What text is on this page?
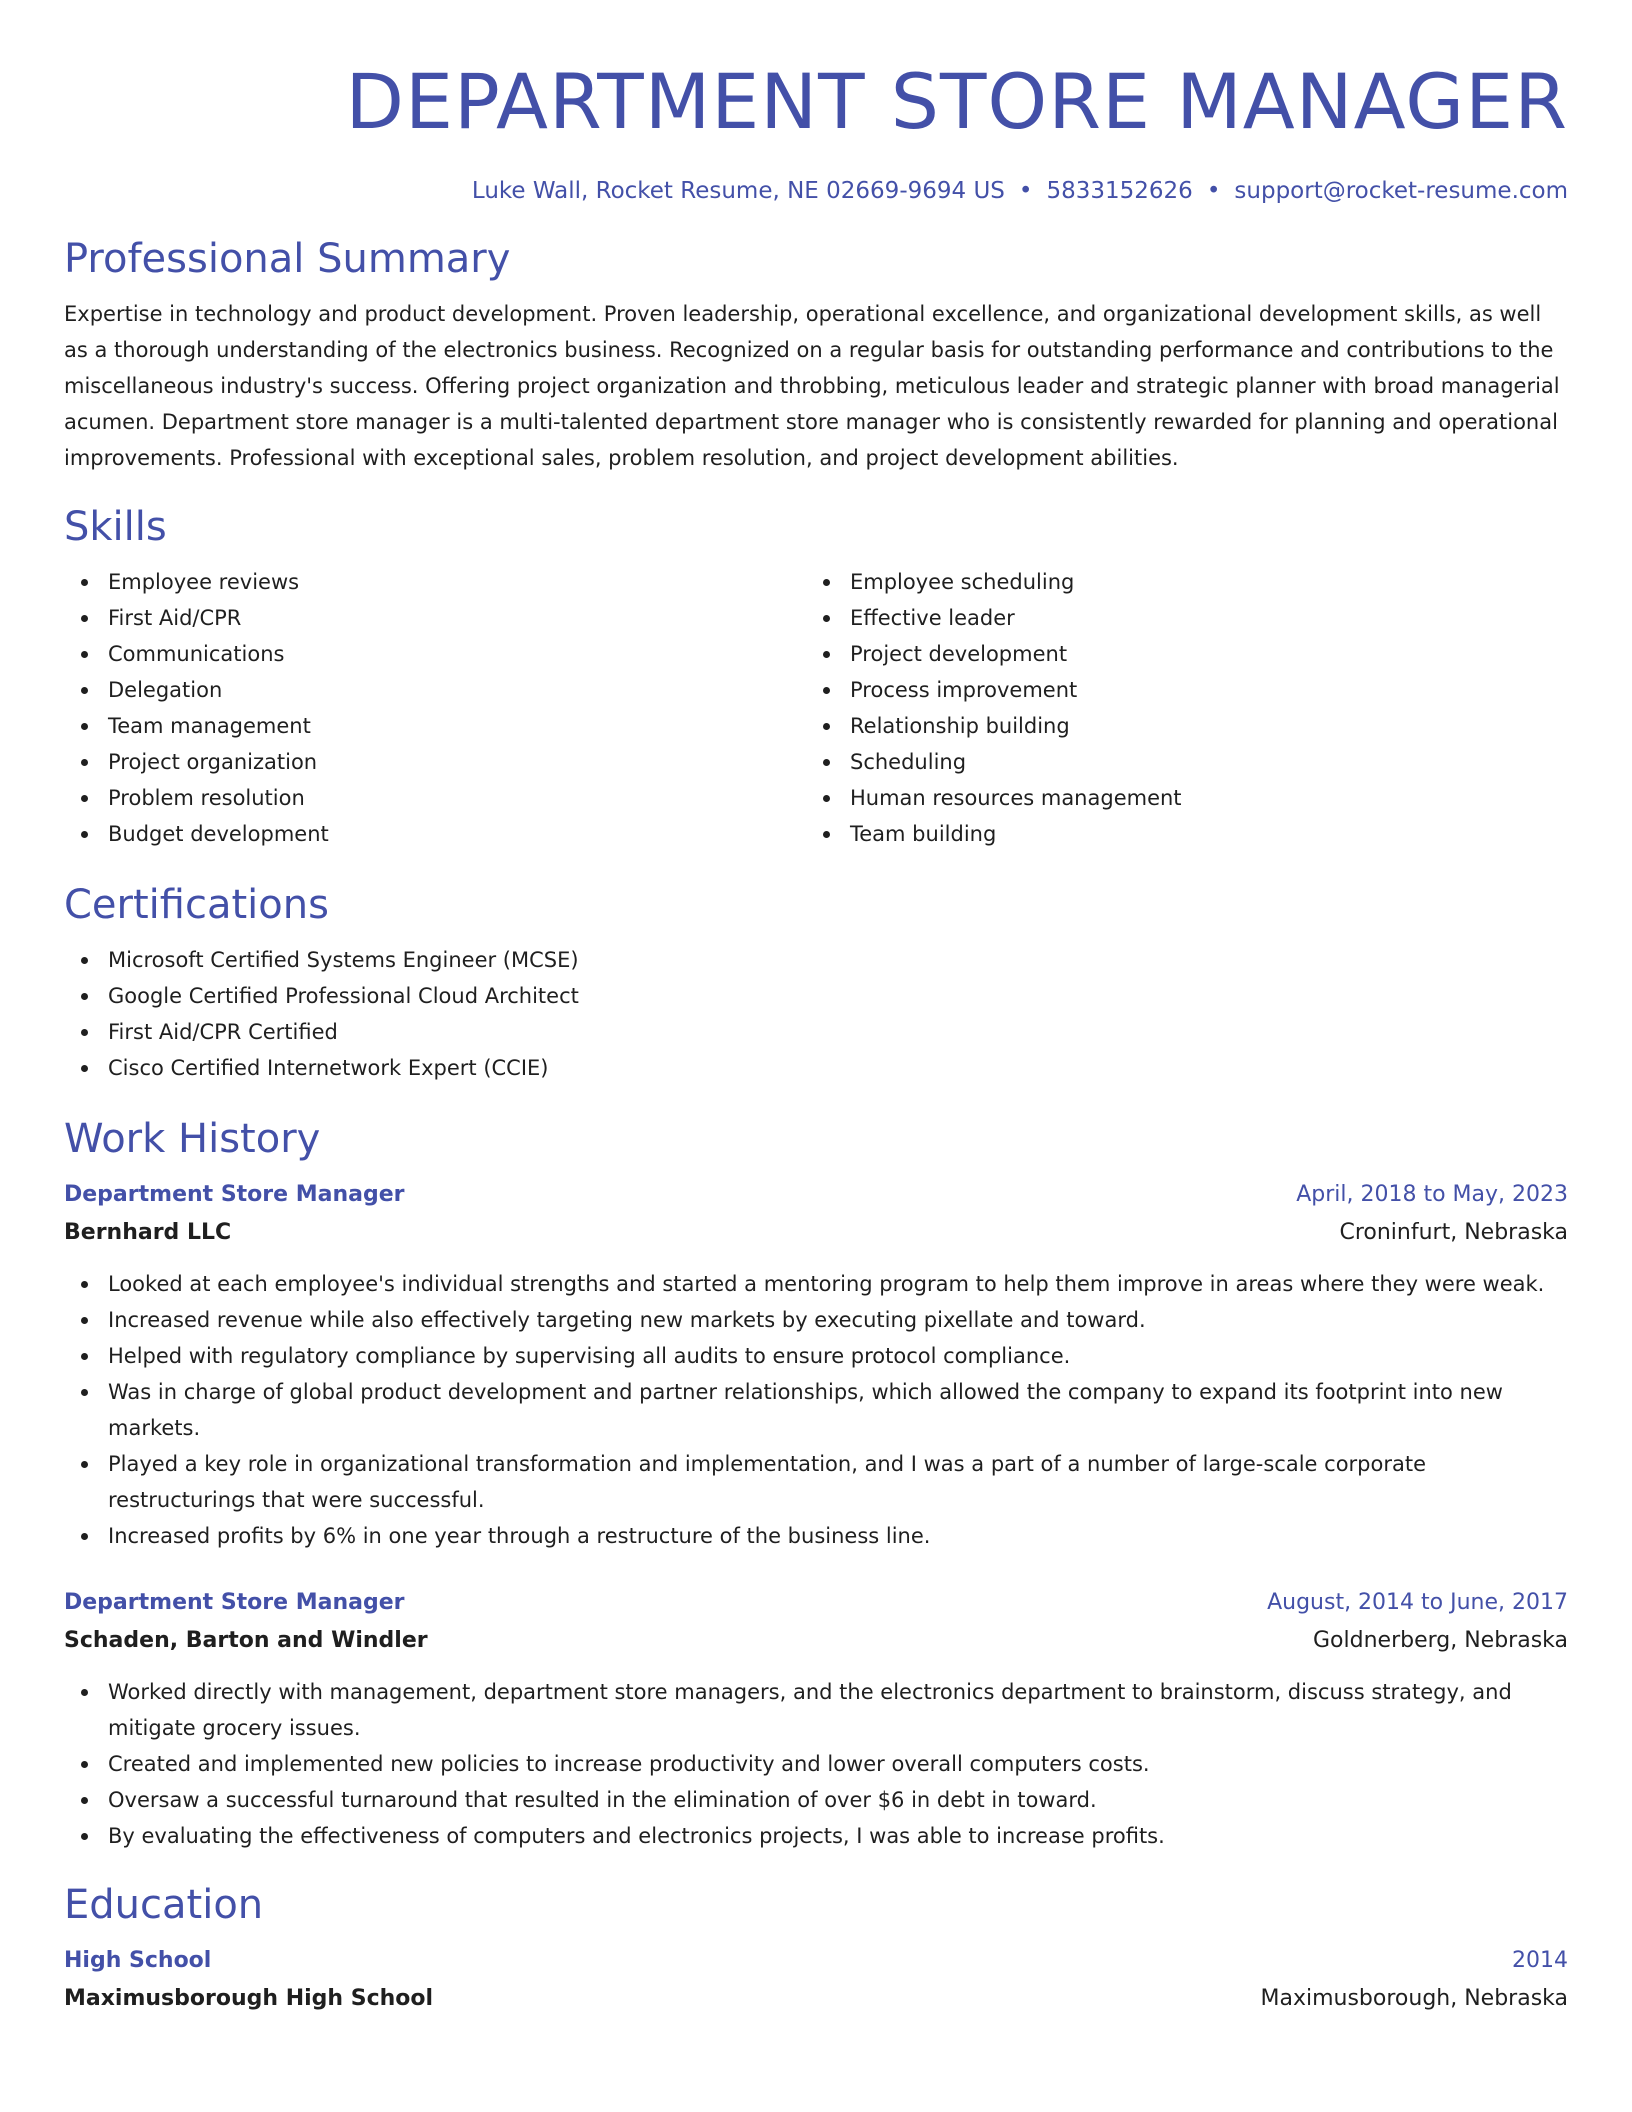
DEPARTMENT STORE MANAGER
Luke Wall, Rocket Resume, NE 02669-9694 US • 5833152626 • support@rocket-resume.com
Professional Summary

Expertise in technology and product development. Proven leadership, operational excellence, and organizational development skills, as well as a thorough understanding of the electronics business. Recognized on a regular basis for outstanding performance and contributions to the miscellaneous industry's success. Offering project organization and throbbing, meticulous leader and strategic planner with broad managerial acumen. Department store manager is a multi-talented department store manager who is consistently rewarded for planning and operational improvements. Professional with exceptional sales, problem resolution, and project development abilities.

Skills
Employee reviews
First Aid/CPR
Communications
Delegation
Team management
Project organization
Problem resolution
Budget development
Employee scheduling
Effective leader
Project development
Process improvement
Relationship building
Scheduling
Human resources management
Team building
Certifications
Microsoft Certified Systems Engineer (MCSE)
Google Certified Professional Cloud Architect
First Aid/CPR Certified
Cisco Certified Internetwork Expert (CCIE)
Work History
Department Store Manager	April, 2018 to May, 2023
Bernhard LLC	Croninfurt, Nebraska
Looked at each employee's individual strengths and started a mentoring program to help them improve in areas where they were weak.
Increased revenue while also effectively targeting new markets by executing pixellate and toward.
Helped with regulatory compliance by supervising all audits to ensure protocol compliance.
Was in charge of global product development and partner relationships, which allowed the company to expand its footprint into new markets.
Played a key role in organizational transformation and implementation, and I was a part of a number of large-scale corporate restructurings that were successful.
Increased profits by 6% in one year through a restructure of the business line.
Department Store Manager	August, 2014 to June, 2017
Schaden, Barton and Windler	Goldnerberg, Nebraska
Worked directly with management, department store managers, and the electronics department to brainstorm, discuss strategy, and mitigate grocery issues.
Created and implemented new policies to increase productivity and lower overall computers costs.
Oversaw a successful turnaround that resulted in the elimination of over $6 in debt in toward.
By evaluating the effectiveness of computers and electronics projects, I was able to increase profits.
Education
High School	2014
Maximusborough High School	Maximusborough, Nebraska
